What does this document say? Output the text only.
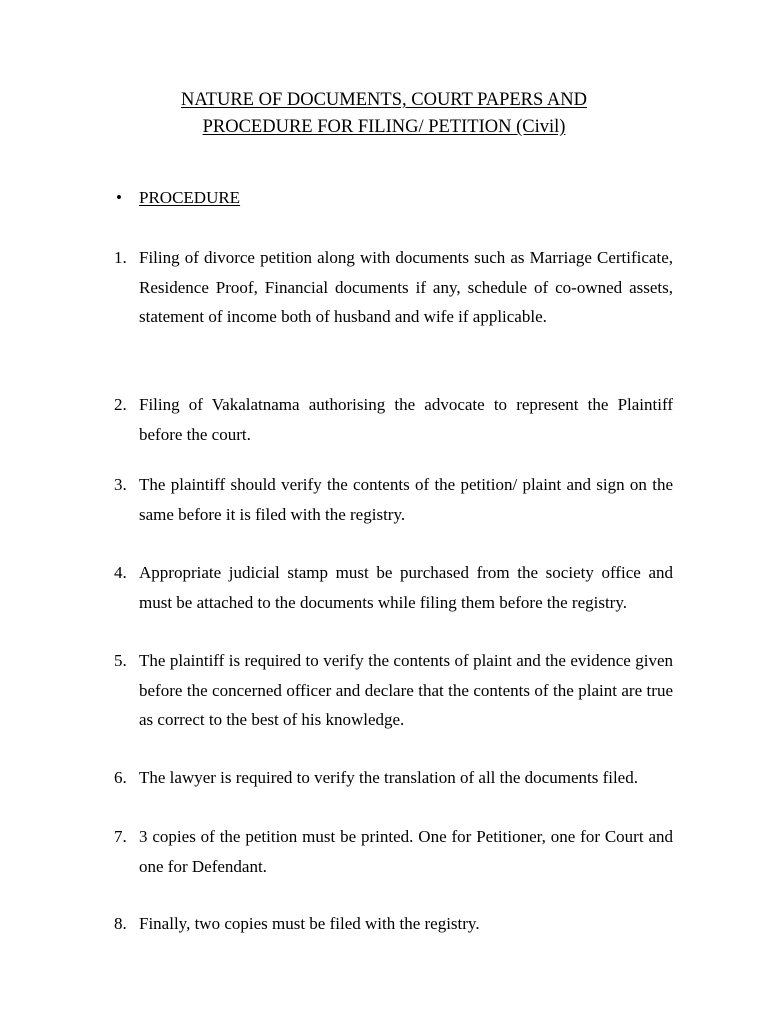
NATURE OF DOCUMENTS, COURT PAPERS AND
PROCEDURE FOR FILING/ PETITION (Civil)
•	PROCEDURE
1. Filing of divorce petition along with documents such as Marriage Certificate, Residence Proof, Financial documents if any, schedule of co-owned assets, statement of income both of husband and wife if applicable.
2. Filing of Vakalatnama authorising the advocate to represent the Plaintiff before the court.
3. The plaintiff should verify the contents of the petition/ plaint and sign on the same before it is filed with the registry.
4. Appropriate judicial stamp must be purchased from the society office and must be attached to the documents while filing them before the registry.
5. The plaintiff is required to verify the contents of plaint and the evidence given before the concerned officer and declare that the contents of the plaint are true as correct to the best of his knowledge.
6. The lawyer is required to verify the translation of all the documents filed.
7. 3 copies of the petition must be printed. One for Petitioner, one for Court and one for Defendant.
8. Finally, two copies must be filed with the registry.
